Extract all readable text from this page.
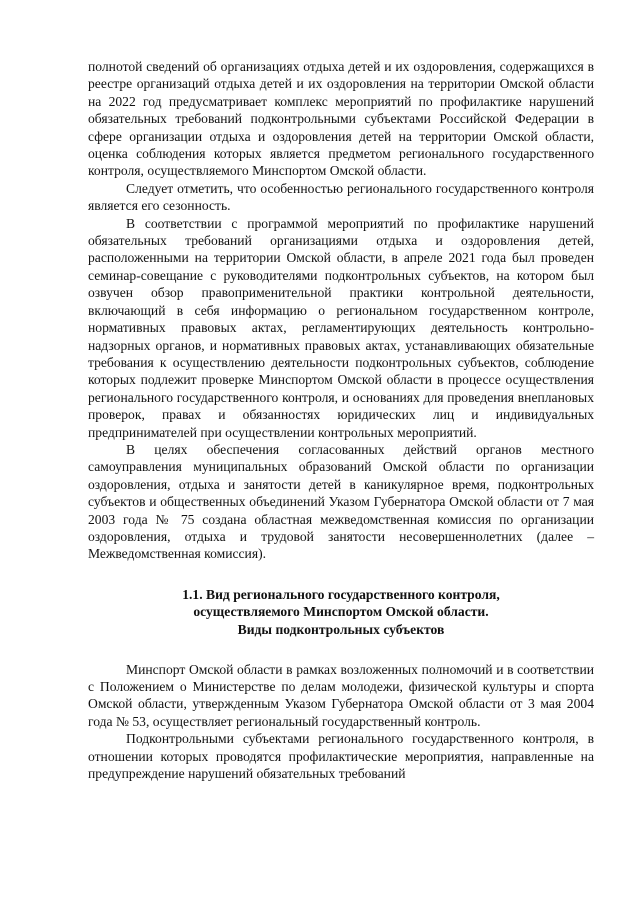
полнотой сведений об организациях отдыха детей и их оздоровления, содержащихся в реестре организаций отдыха детей и их оздоровления на территории Омской области на 2022 год предусматривает комплекс мероприятий по профилактике нарушений обязательных требований подконтрольными субъектами Российской Федерации в сфере организации отдыха и оздоровления детей на территории Омской области, оценка соблюдения которых является предметом регионального государственного контроля, осуществляемого Минспортом Омской области.

Следует отметить, что особенностью регионального государственного контроля является его сезонность.

В соответствии с программой мероприятий по профилактике нарушений обязательных требований организациями отдыха и оздоровления детей, расположенными на территории Омской области, в апреле 2021 года был проведен семинар-совещание с руководителями подконтрольных субъектов, на котором был озвучен обзор правоприменительной практики контрольной деятельности, включающий в себя информацию о региональном государственном контроле, нормативных правовых актах, регламентирующих деятельность контрольно-надзорных органов, и нормативных правовых актах, устанавливающих обязательные требования к осуществлению деятельности подконтрольных субъектов, соблюдение которых подлежит проверке Минспортом Омской области в процессе осуществления регионального государственного контроля, и основаниях для проведения внеплановых проверок, правах и обязанностях юридических лиц и индивидуальных предпринимателей при осуществлении контрольных мероприятий.

В целях обеспечения согласованных действий органов местного самоуправления муниципальных образований Омской области по организации оздоровления, отдыха и занятости детей в каникулярное время, подконтрольных субъектов и общественных объединений Указом Губернатора Омской области от 7 мая 2003 года № 75 создана областная межведомственная комиссия по организации оздоровления, отдыха и трудовой занятости несовершеннолетних (далее – Межведомственная комиссия).

1.1. Вид регионального государственного контроля,
осуществляемого Минспортом Омской области.
Виды подконтрольных субъектов

Минспорт Омской области в рамках возложенных полномочий и в соответствии с Положением о Министерстве по делам молодежи, физической культуры и спорта Омской области, утвержденным Указом Губернатора Омской области от 3 мая 2004 года № 53, осуществляет региональный государственный контроль.

Подконтрольными субъектами регионального государственного контроля, в отношении которых проводятся профилактические мероприятия, направленные на предупреждение нарушений обязательных требований
